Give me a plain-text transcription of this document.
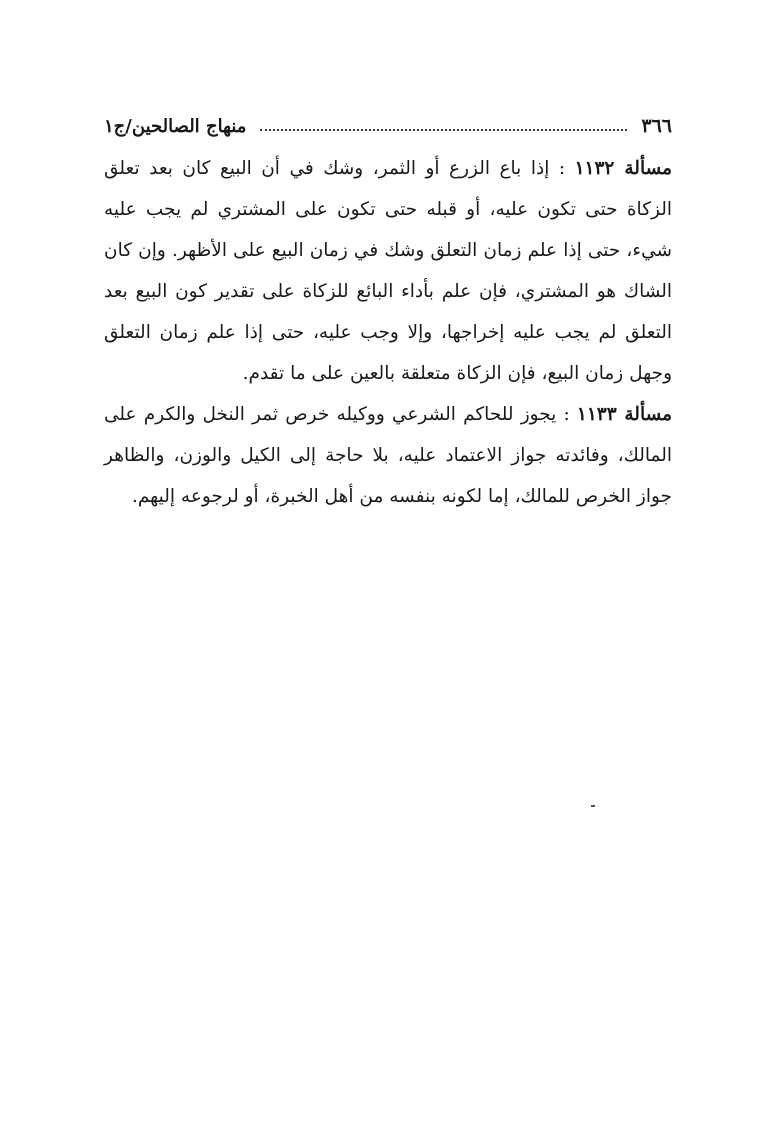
٣٦٦
منهاج الصالحين/ج١

مسألة ١١٣٢ : إذا باع الزرع أو الثمر، وشك في أن البيع كان بعد تعلق الزكاة حتى تكون عليه، أو قبله حتى تكون على المشتري لم يجب عليه شيء، حتى إذا علم زمان التعلق وشك في زمان البيع على الأظهر. وإن كان الشاك هو المشتري، فإن علم بأداء البائع للزكاة على تقدير كون البيع بعد التعلق لم يجب عليه إخراجها، وإلا وجب عليه، حتى إذا علم زمان التعلق وجهل زمان البيع، فإن الزكاة متعلقة بالعين على ما تقدم.

مسألة ١١٣٣ : يجوز للحاكم الشرعي ووكيله خرص ثمر النخل والكرم على المالك، وفائدته جواز الاعتماد عليه، بلا حاجة إلى الكيل والوزن، والظاهر جواز الخرص للمالك، إما لكونه بنفسه من أهل الخبرة، أو لرجوعه إليهم.
